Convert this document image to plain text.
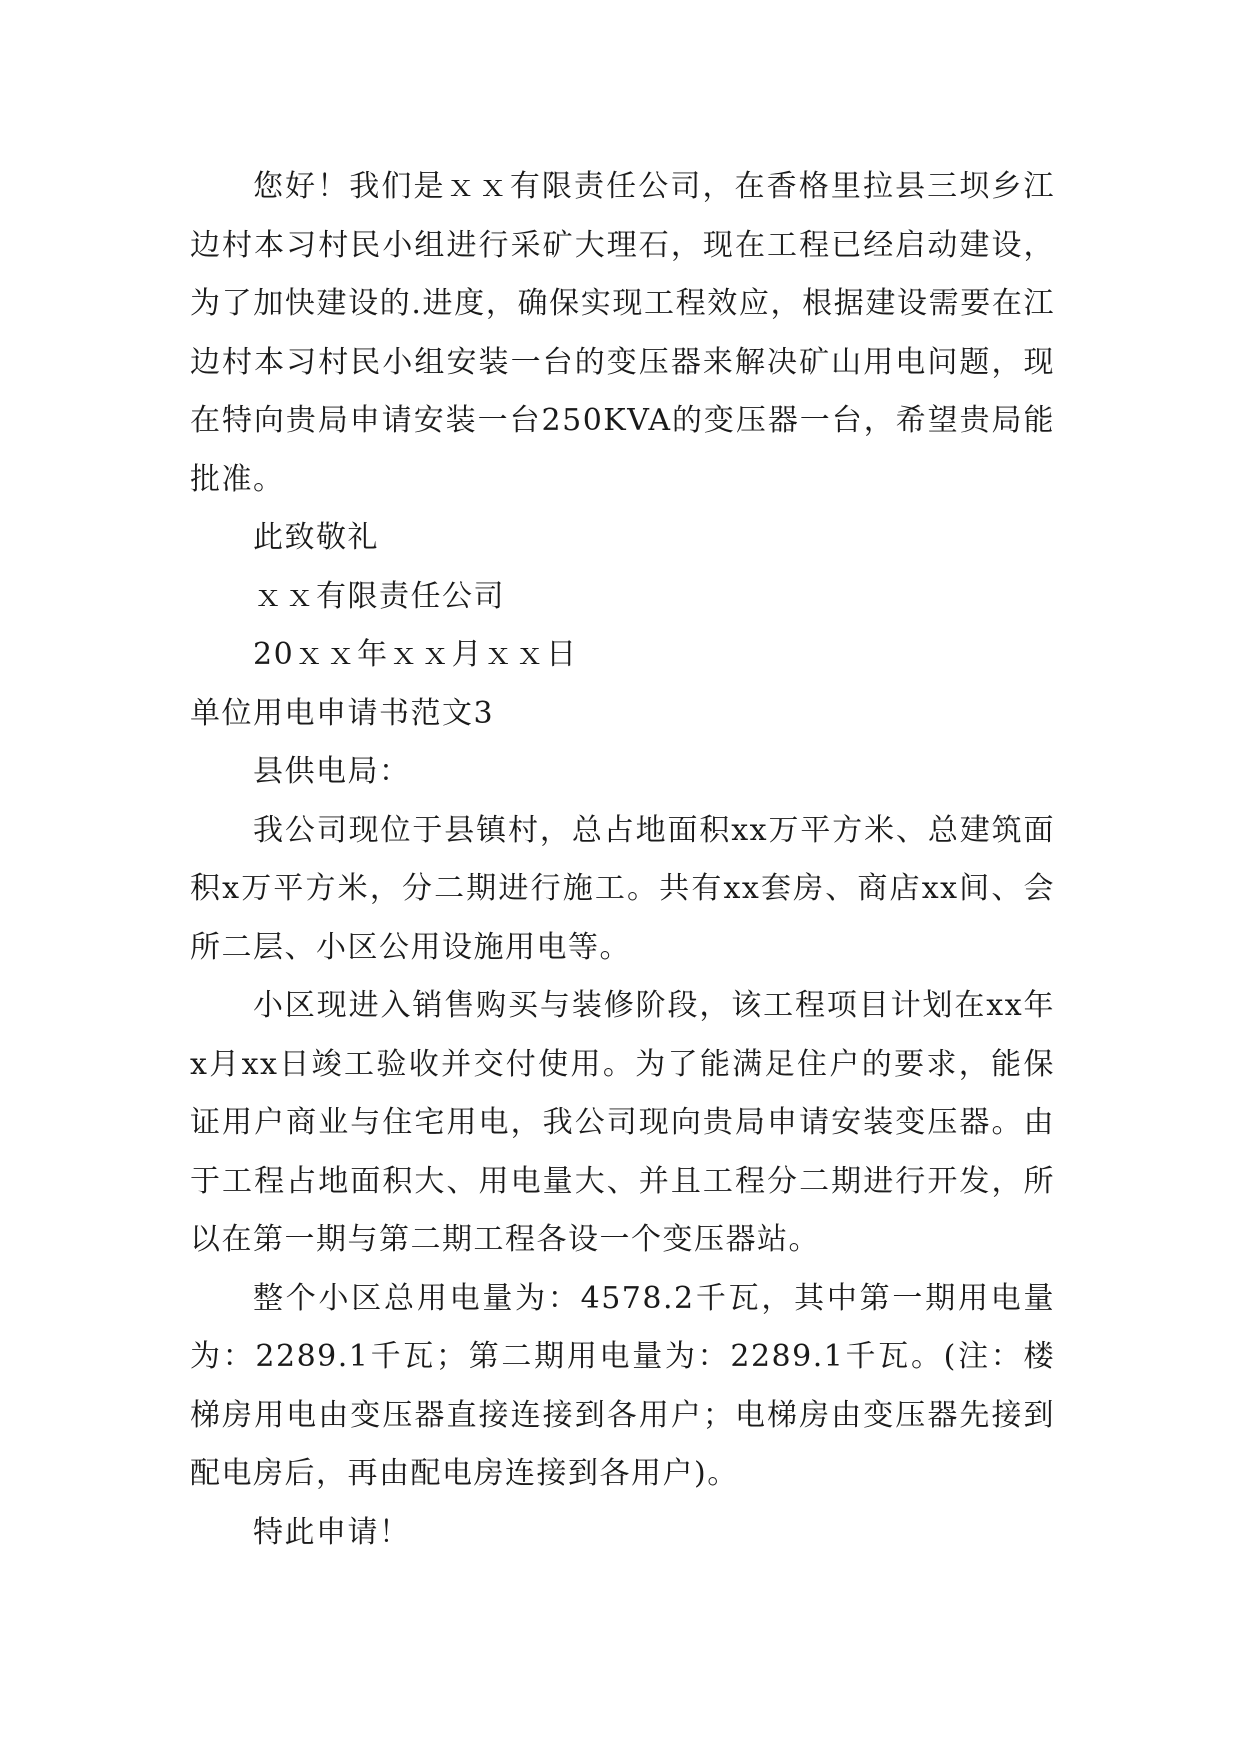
您好！我们是ｘｘ有限责任公司，在香格里拉县三坝乡江边村本习村民小组进行采矿大理石，现在工程已经启动建设，为了加快建设的.进度，确保实现工程效应，根据建设需要在江边村本习村民小组安装一台的变压器来解决矿山用电问题，现在特向贵局申请安装一台250KVA的变压器一台，希望贵局能批准。

此致敬礼

ｘｘ有限责任公司

20ｘｘ年ｘｘ月ｘｘ日

单位用电申请书范文3

县供电局：

我公司现位于县镇村，总占地面积xx万平方米、总建筑面积x万平方米，分二期进行施工。共有xx套房、商店xx间、会所二层、小区公用设施用电等。

小区现进入销售购买与装修阶段，该工程项目计划在xx年x月xx日竣工验收并交付使用。为了能满足住户的要求，能保证用户商业与住宅用电，我公司现向贵局申请安装变压器。由于工程占地面积大、用电量大、并且工程分二期进行开发，所以在第一期与第二期工程各设一个变压器站。

整个小区总用电量为：4578.2千瓦，其中第一期用电量为：2289.1千瓦；第二期用电量为：2289.1千瓦。(注：楼梯房用电由变压器直接连接到各用户；电梯房由变压器先接到配电房后，再由配电房连接到各用户)。

特此申请！
